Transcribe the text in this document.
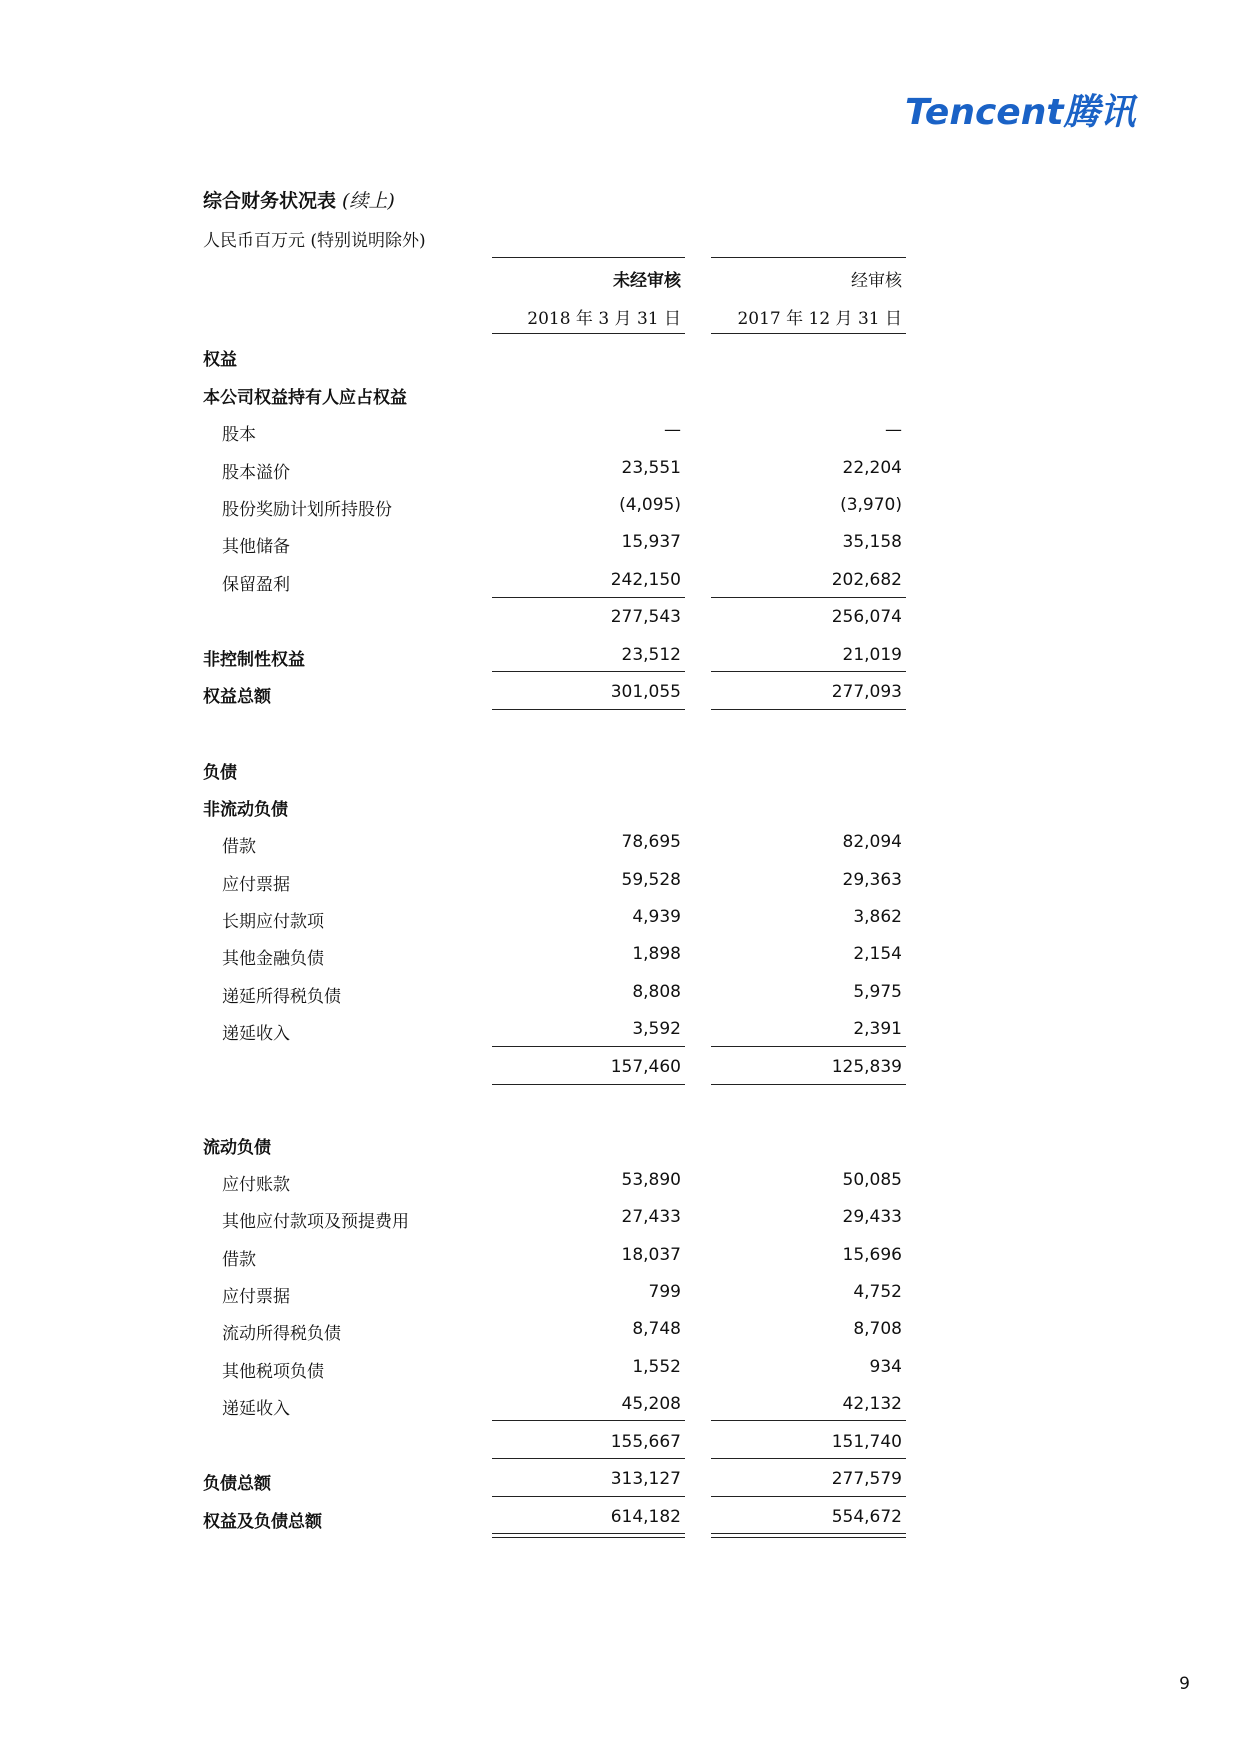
Tencent腾讯
综合财务状况表 (续上)
人民币百万元 (特别说明除外)
未经审核	经审核
2018 年 3 月 31 日	2017 年 12 月 31 日
权益
本公司权益持有人应占权益
股本	—	—
股本溢价	23,551	22,204
股份奖励计划所持股份	(4,095)	(3,970)
其他储备	15,937	35,158
保留盈利	242,150	202,682
277,543	256,074
非控制性权益	23,512	21,019
权益总额	301,055	277,093
负债
非流动负债
借款	78,695	82,094
应付票据	59,528	29,363
长期应付款项	4,939	3,862
其他金融负债	1,898	2,154
递延所得税负债	8,808	5,975
递延收入	3,592	2,391
157,460	125,839
流动负债
应付账款	53,890	50,085
其他应付款项及预提费用	27,433	29,433
借款	18,037	15,696
应付票据	799	4,752
流动所得税负债	8,748	8,708
其他税项负债	1,552	934
递延收入	45,208	42,132
155,667	151,740
负债总额	313,127	277,579
权益及负债总额	614,182	554,672
9
